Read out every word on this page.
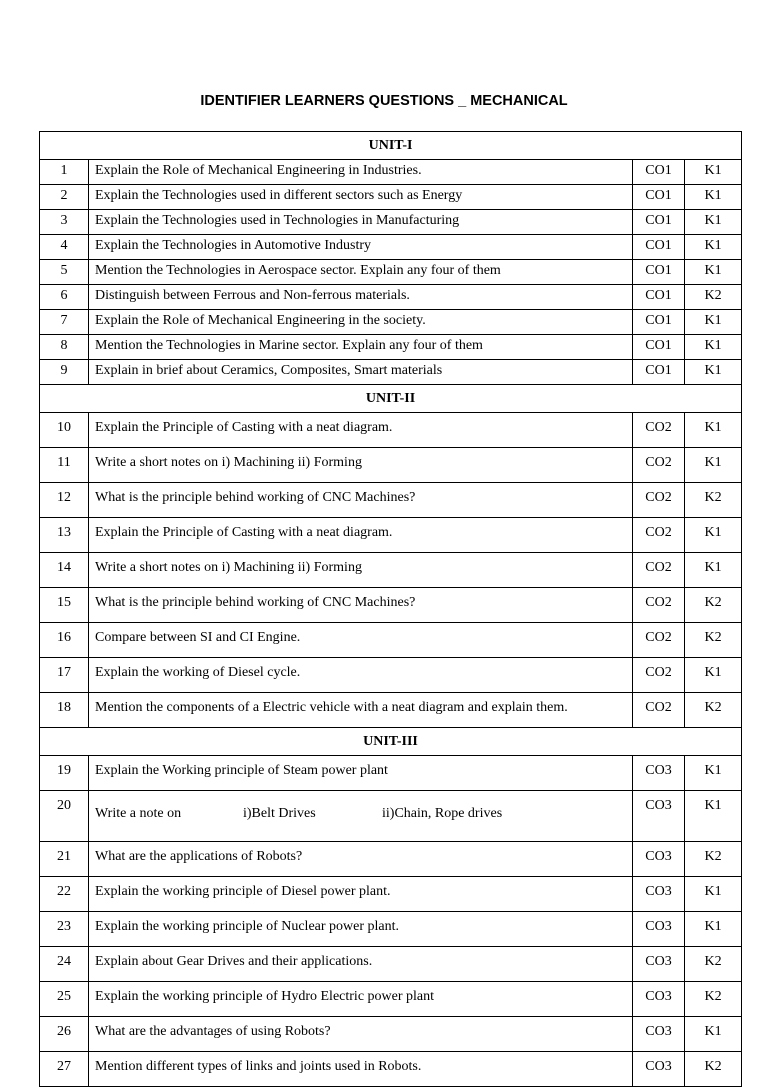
IDENTIFIER LEARNERS QUESTIONS _ MECHANICAL
UNIT-I			
1	Explain the Role of Mechanical Engineering in Industries.	CO1	K1
2	Explain the Technologies used in different sectors such as Energy	CO1	K1
3	Explain the Technologies used in Technologies in Manufacturing	CO1	K1
4	Explain the Technologies in Automotive Industry	CO1	K1
5	Mention the Technologies in Aerospace sector. Explain any four of them	CO1	K1
6	Distinguish between Ferrous and Non-ferrous materials.	CO1	K2
7	Explain the Role of Mechanical Engineering in the society.	CO1	K1
8	Mention the Technologies in Marine sector. Explain any four of them	CO1	K1
9	Explain in brief about Ceramics, Composites, Smart materials	CO1	K1
UNIT-II			
10	Explain the Principle of Casting with a neat diagram.	CO2	K1
11	Write a short notes on i) Machining ii) Forming	CO2	K1
12	What is the principle behind working of CNC Machines?	CO2	K2
13	Explain the Principle of Casting with a neat diagram.	CO2	K1
14	Write a short notes on i) Machining ii) Forming	CO2	K1
15	What is the principle behind working of CNC Machines?	CO2	K2
16	Compare between SI and CI Engine.	CO2	K2
17	Explain the working of Diesel cycle.	CO2	K1
18	Mention the components of a Electric vehicle with a neat diagram and explain them.	CO2	K2
UNIT-III			
19	Explain the Working principle of Steam power plant	CO3	K1
20	Write a note on i)Belt Drives ii)Chain, Rope drives	CO3	K1
21	What are the applications of Robots?	CO3	K2
22	Explain the working principle of Diesel power plant.	CO3	K1
23	Explain the working principle of Nuclear power plant.	CO3	K1
24	Explain about Gear Drives and their applications.	CO3	K2
25	Explain the working principle of Hydro Electric power plant	CO3	K2
26	What are the advantages of using Robots?	CO3	K1
27	Mention different types of links and joints used in Robots.	CO3	K2
